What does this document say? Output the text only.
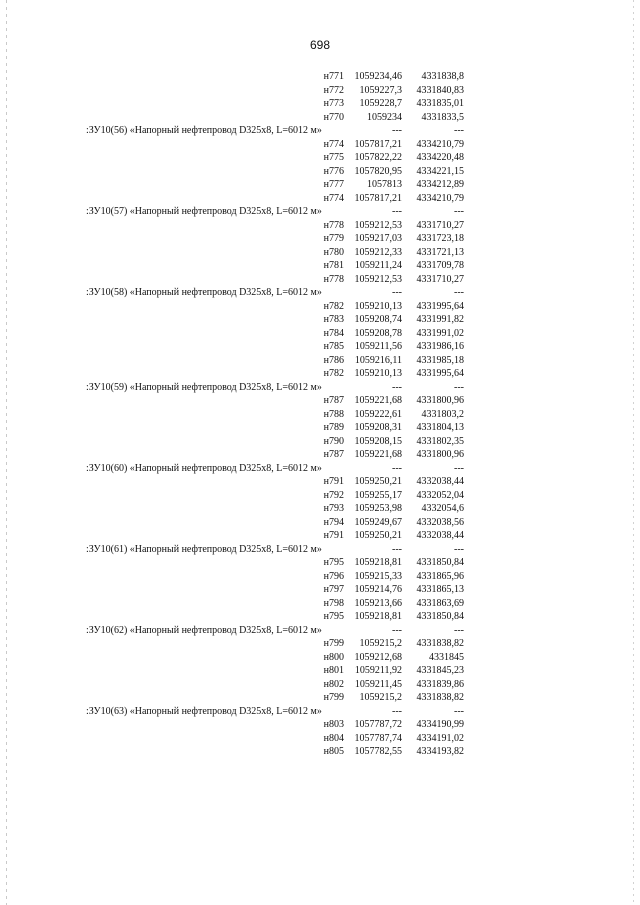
698
н771	1059234,46	4331838,8
н772	1059227,3	4331840,83
н773	1059228,7	4331835,01
н770	1059234	4331833,5
:ЗУ10(56) «Напорный нефтепровод D325x8, L=6012 м»	---	---
н774	1057817,21	4334210,79
н775	1057822,22	4334220,48
н776	1057820,95	4334221,15
н777	1057813	4334212,89
н774	1057817,21	4334210,79
:ЗУ10(57) «Напорный нефтепровод D325x8, L=6012 м»	---	---
н778	1059212,53	4331710,27
н779	1059217,03	4331723,18
н780	1059212,33	4331721,13
н781	1059211,24	4331709,78
н778	1059212,53	4331710,27
:ЗУ10(58) «Напорный нефтепровод D325x8, L=6012 м»	---	---
н782	1059210,13	4331995,64
н783	1059208,74	4331991,82
н784	1059208,78	4331991,02
н785	1059211,56	4331986,16
н786	1059216,11	4331985,18
н782	1059210,13	4331995,64
:ЗУ10(59) «Напорный нефтепровод D325x8, L=6012 м»	---	---
н787	1059221,68	4331800,96
н788	1059222,61	4331803,2
н789	1059208,31	4331804,13
н790	1059208,15	4331802,35
н787	1059221,68	4331800,96
:ЗУ10(60) «Напорный нефтепровод D325x8, L=6012 м»	---	---
н791	1059250,21	4332038,44
н792	1059255,17	4332052,04
н793	1059253,98	4332054,6
н794	1059249,67	4332038,56
н791	1059250,21	4332038,44
:ЗУ10(61) «Напорный нефтепровод D325x8, L=6012 м»	---	---
н795	1059218,81	4331850,84
н796	1059215,33	4331865,96
н797	1059214,76	4331865,13
н798	1059213,66	4331863,69
н795	1059218,81	4331850,84
:ЗУ10(62) «Напорный нефтепровод D325x8, L=6012 м»	---	---
н799	1059215,2	4331838,82
н800	1059212,68	4331845
н801	1059211,92	4331845,23
н802	1059211,45	4331839,86
н799	1059215,2	4331838,82
:ЗУ10(63) «Напорный нефтепровод D325x8, L=6012 м»	---	---
н803	1057787,72	4334190,99
н804	1057787,74	4334191,02
н805	1057782,55	4334193,82
